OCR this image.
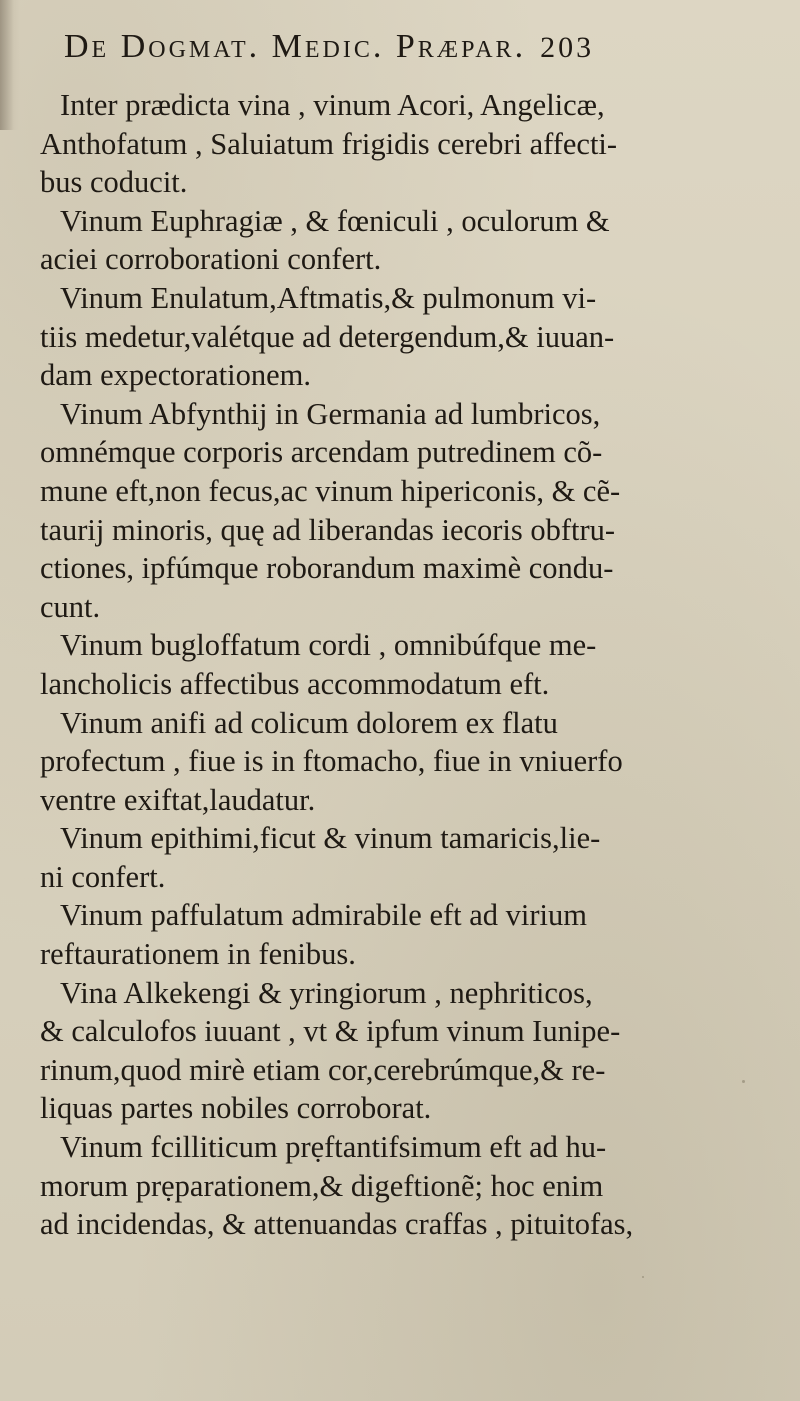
De Dogmat. Medic. Præpar. 203
Inter prædicta vina , vinum Acori, Angelicæ,
Anthofatum , Saluiatum frigidis cerebri affecti-
bus coducit.
Vinum Euphragiæ , & fœniculi , oculorum &
aciei corroborationi confert.
Vinum Enulatum,Aftmatis,& pulmonum vi-
tiis medetur,valétque ad detergendum,& iuuan-
dam expectorationem.
Vinum Abfynthij in Germania ad lumbricos,
omnémque corporis arcendam putredinem cõ-
mune eft,non fecus,ac vinum hipericonis, & cẽ-
taurij minoris, quę ad liberandas iecoris obftru-
ctiones, ipfúmque roborandum maximè condu-
cunt.
Vinum bugloffatum cordi , omnibúfque me-
lancholicis affectibus accommodatum eft.
Vinum anifi ad colicum dolorem ex flatu
profectum , fiue is in ftomacho, fiue in vniuerfo
ventre exiftat,laudatur.
Vinum epithimi,ficut & vinum tamaricis,lie-
ni confert.
Vinum paffulatum admirabile eft ad virium
reftaurationem in fenibus.
Vina Alkekengi & yringiorum , nephriticos,
& calculofos iuuant , vt & ipfum vinum Iunipe-
rinum,quod mirè etiam cor,cerebrúmque,& re-
liquas partes nobiles corroborat.
Vinum fcilliticum prẹftantifsimum eft ad hu-
morum prẹparationem,& digeftionẽ; hoc enim
ad incidendas, & attenuandas craffas , pituitofas,
